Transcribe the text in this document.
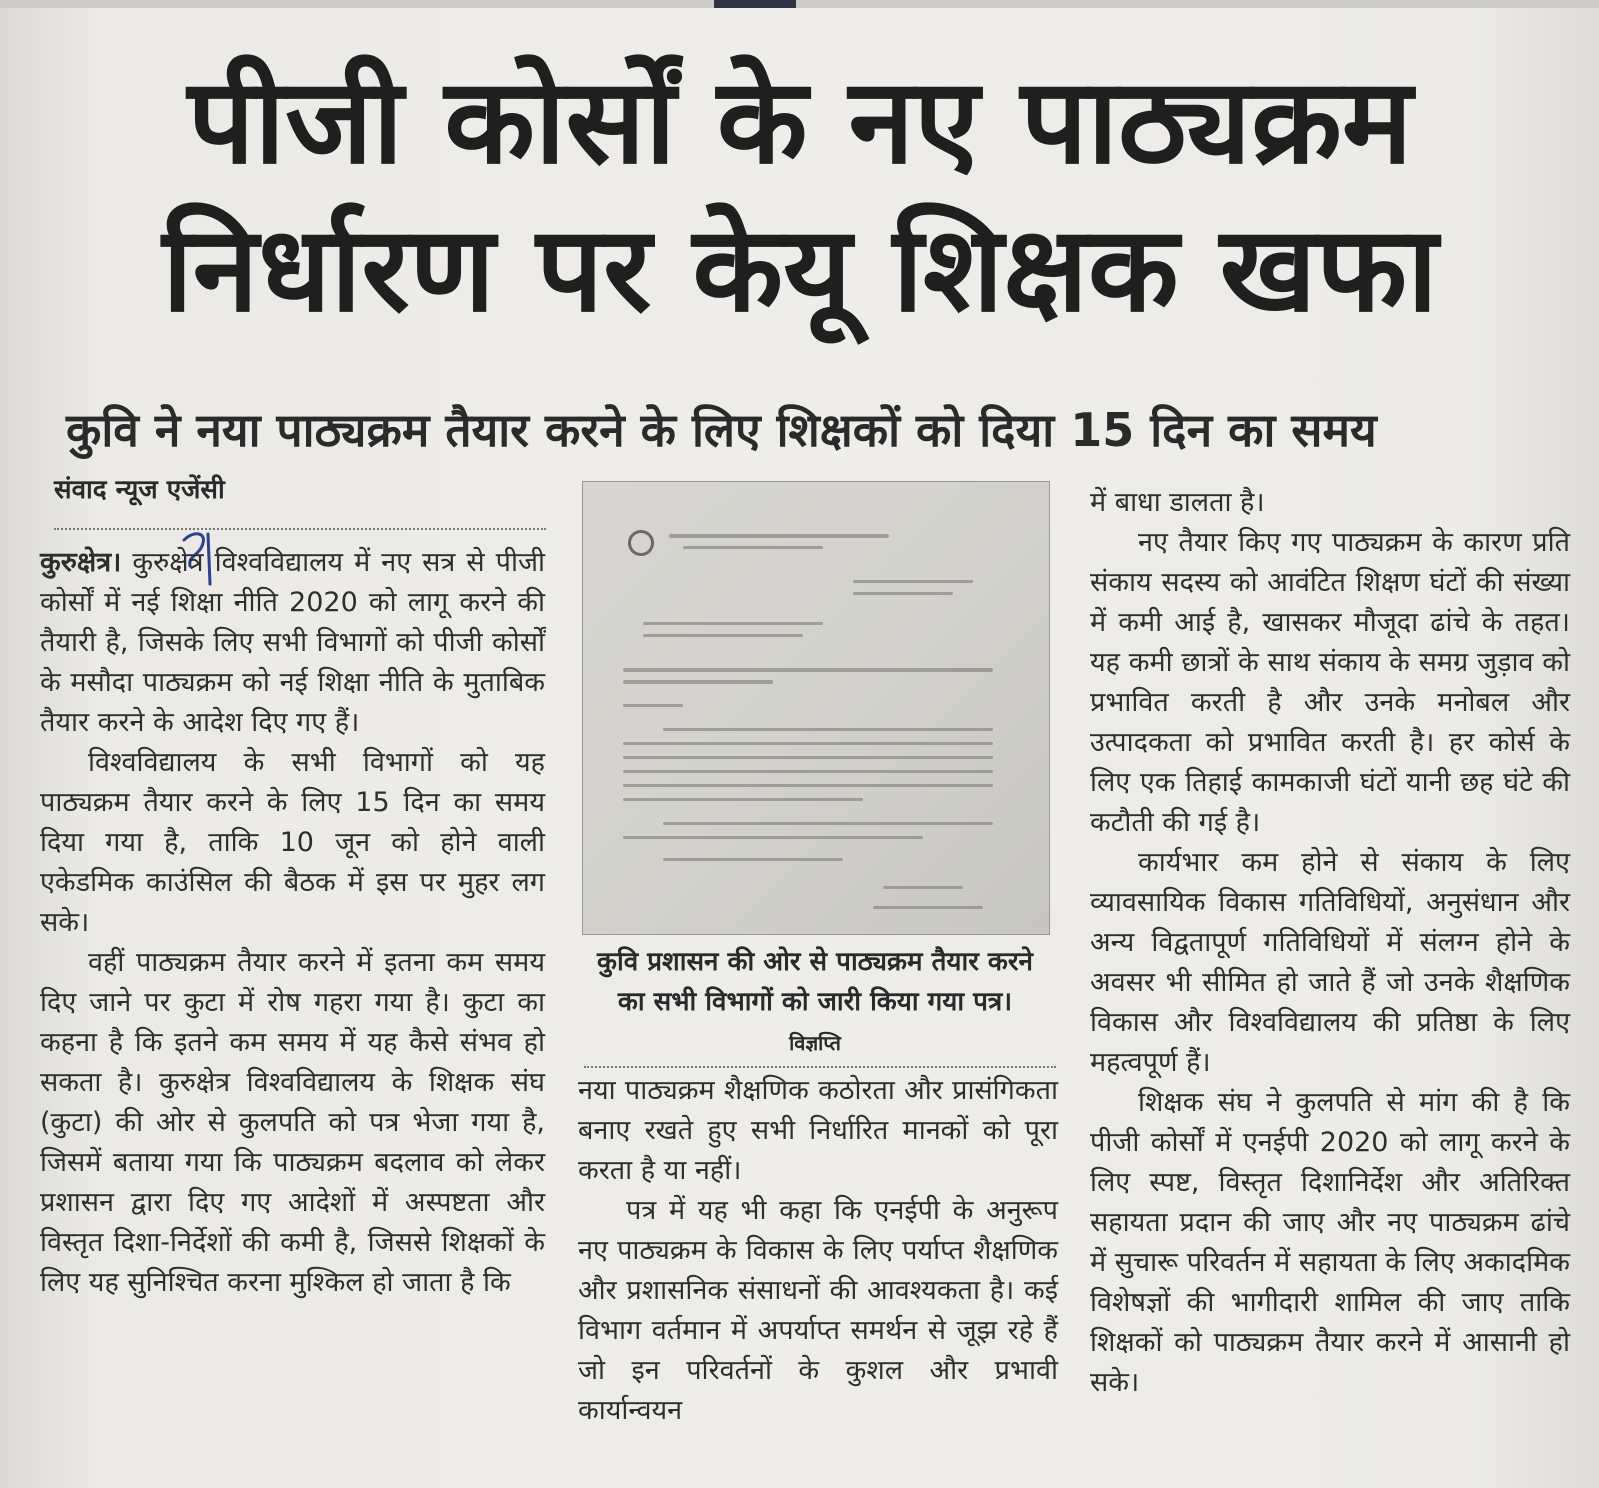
पीजी कोर्सों के नए पाठ्यक्रम
निर्धारण पर केयू शिक्षक खफा
कुवि ने नया पाठ्यक्रम तैयार करने के लिए शिक्षकों को दिया 15 दिन का समय
संवाद न्यूज एजेंसी

कुरुक्षेत्र। कुरुक्षेत्र विश्वविद्यालय में नए सत्र से पीजी कोर्सों में नई शिक्षा नीति 2020 को लागू करने की तैयारी है, जिसके लिए सभी विभागों को पीजी कोर्सों के मसौदा पाठ्यक्रम को नई शिक्षा नीति के मुताबिक तैयार करने के आदेश दिए गए हैं।

विश्वविद्यालय के सभी विभागों को यह पाठ्यक्रम तैयार करने के लिए 15 दिन का समय दिया गया है, ताकि 10 जून को होने वाली एकेडमिक काउंसिल की बैठक में इस पर मुहर लग सके।

वहीं पाठ्यक्रम तैयार करने में इतना कम समय दिए जाने पर कुटा में रोष गहरा गया है। कुटा का कहना है कि इतने कम समय में यह कैसे संभव हो सकता है। कुरुक्षेत्र विश्वविद्यालय के शिक्षक संघ (कुटा) की ओर से कुलपति को पत्र भेजा गया है, जिसमें बताया गया कि पाठ्यक्रम बदलाव को लेकर प्रशासन द्वारा दिए गए आदेशों में अस्पष्टता और विस्तृत दिशा-निर्देशों की कमी है, जिससे शिक्षकों के लिए यह सुनिश्चित करना मुश्किल हो जाता है कि

कुवि प्रशासन की ओर से पाठ्यक्रम तैयार करने का सभी विभागों को जारी किया गया पत्र। विज्ञप्ति

नया पाठ्यक्रम शैक्षणिक कठोरता और प्रासंगिकता बनाए रखते हुए सभी निर्धारित मानकों को पूरा करता है या नहीं।

पत्र में यह भी कहा कि एनईपी के अनुरूप नए पाठ्यक्रम के विकास के लिए पर्याप्त शैक्षणिक और प्रशासनिक संसाधनों की आवश्यकता है। कई विभाग वर्तमान में अपर्याप्त समर्थन से जूझ रहे हैं जो इन परिवर्तनों के कुशल और प्रभावी कार्यान्वयन

में बाधा डालता है।

नए तैयार किए गए पाठ्यक्रम के कारण प्रति संकाय सदस्य को आवंटित शिक्षण घंटों की संख्या में कमी आई है, खासकर मौजूदा ढांचे के तहत। यह कमी छात्रों के साथ संकाय के समग्र जुड़ाव को प्रभावित करती है और उनके मनोबल और उत्पादकता को प्रभावित करती है। हर कोर्स के लिए एक तिहाई कामकाजी घंटों यानी छह घंटे की कटौती की गई है।

कार्यभार कम होने से संकाय के लिए व्यावसायिक विकास गतिविधियों, अनुसंधान और अन्य विद्वतापूर्ण गतिविधियों में संलग्न होने के अवसर भी सीमित हो जाते हैं जो उनके शैक्षणिक विकास और विश्वविद्यालय की प्रतिष्ठा के लिए महत्वपूर्ण हैं।

शिक्षक संघ ने कुलपति से मांग की है कि पीजी कोर्सों में एनईपी 2020 को लागू करने के लिए स्पष्ट, विस्तृत दिशानिर्देश और अतिरिक्त सहायता प्रदान की जाए और नए पाठ्यक्रम ढांचे में सुचारू परिवर्तन में सहायता के लिए अकादमिक विशेषज्ञों की भागीदारी शामिल की जाए ताकि शिक्षकों को पाठ्यक्रम तैयार करने में आसानी हो सके।
